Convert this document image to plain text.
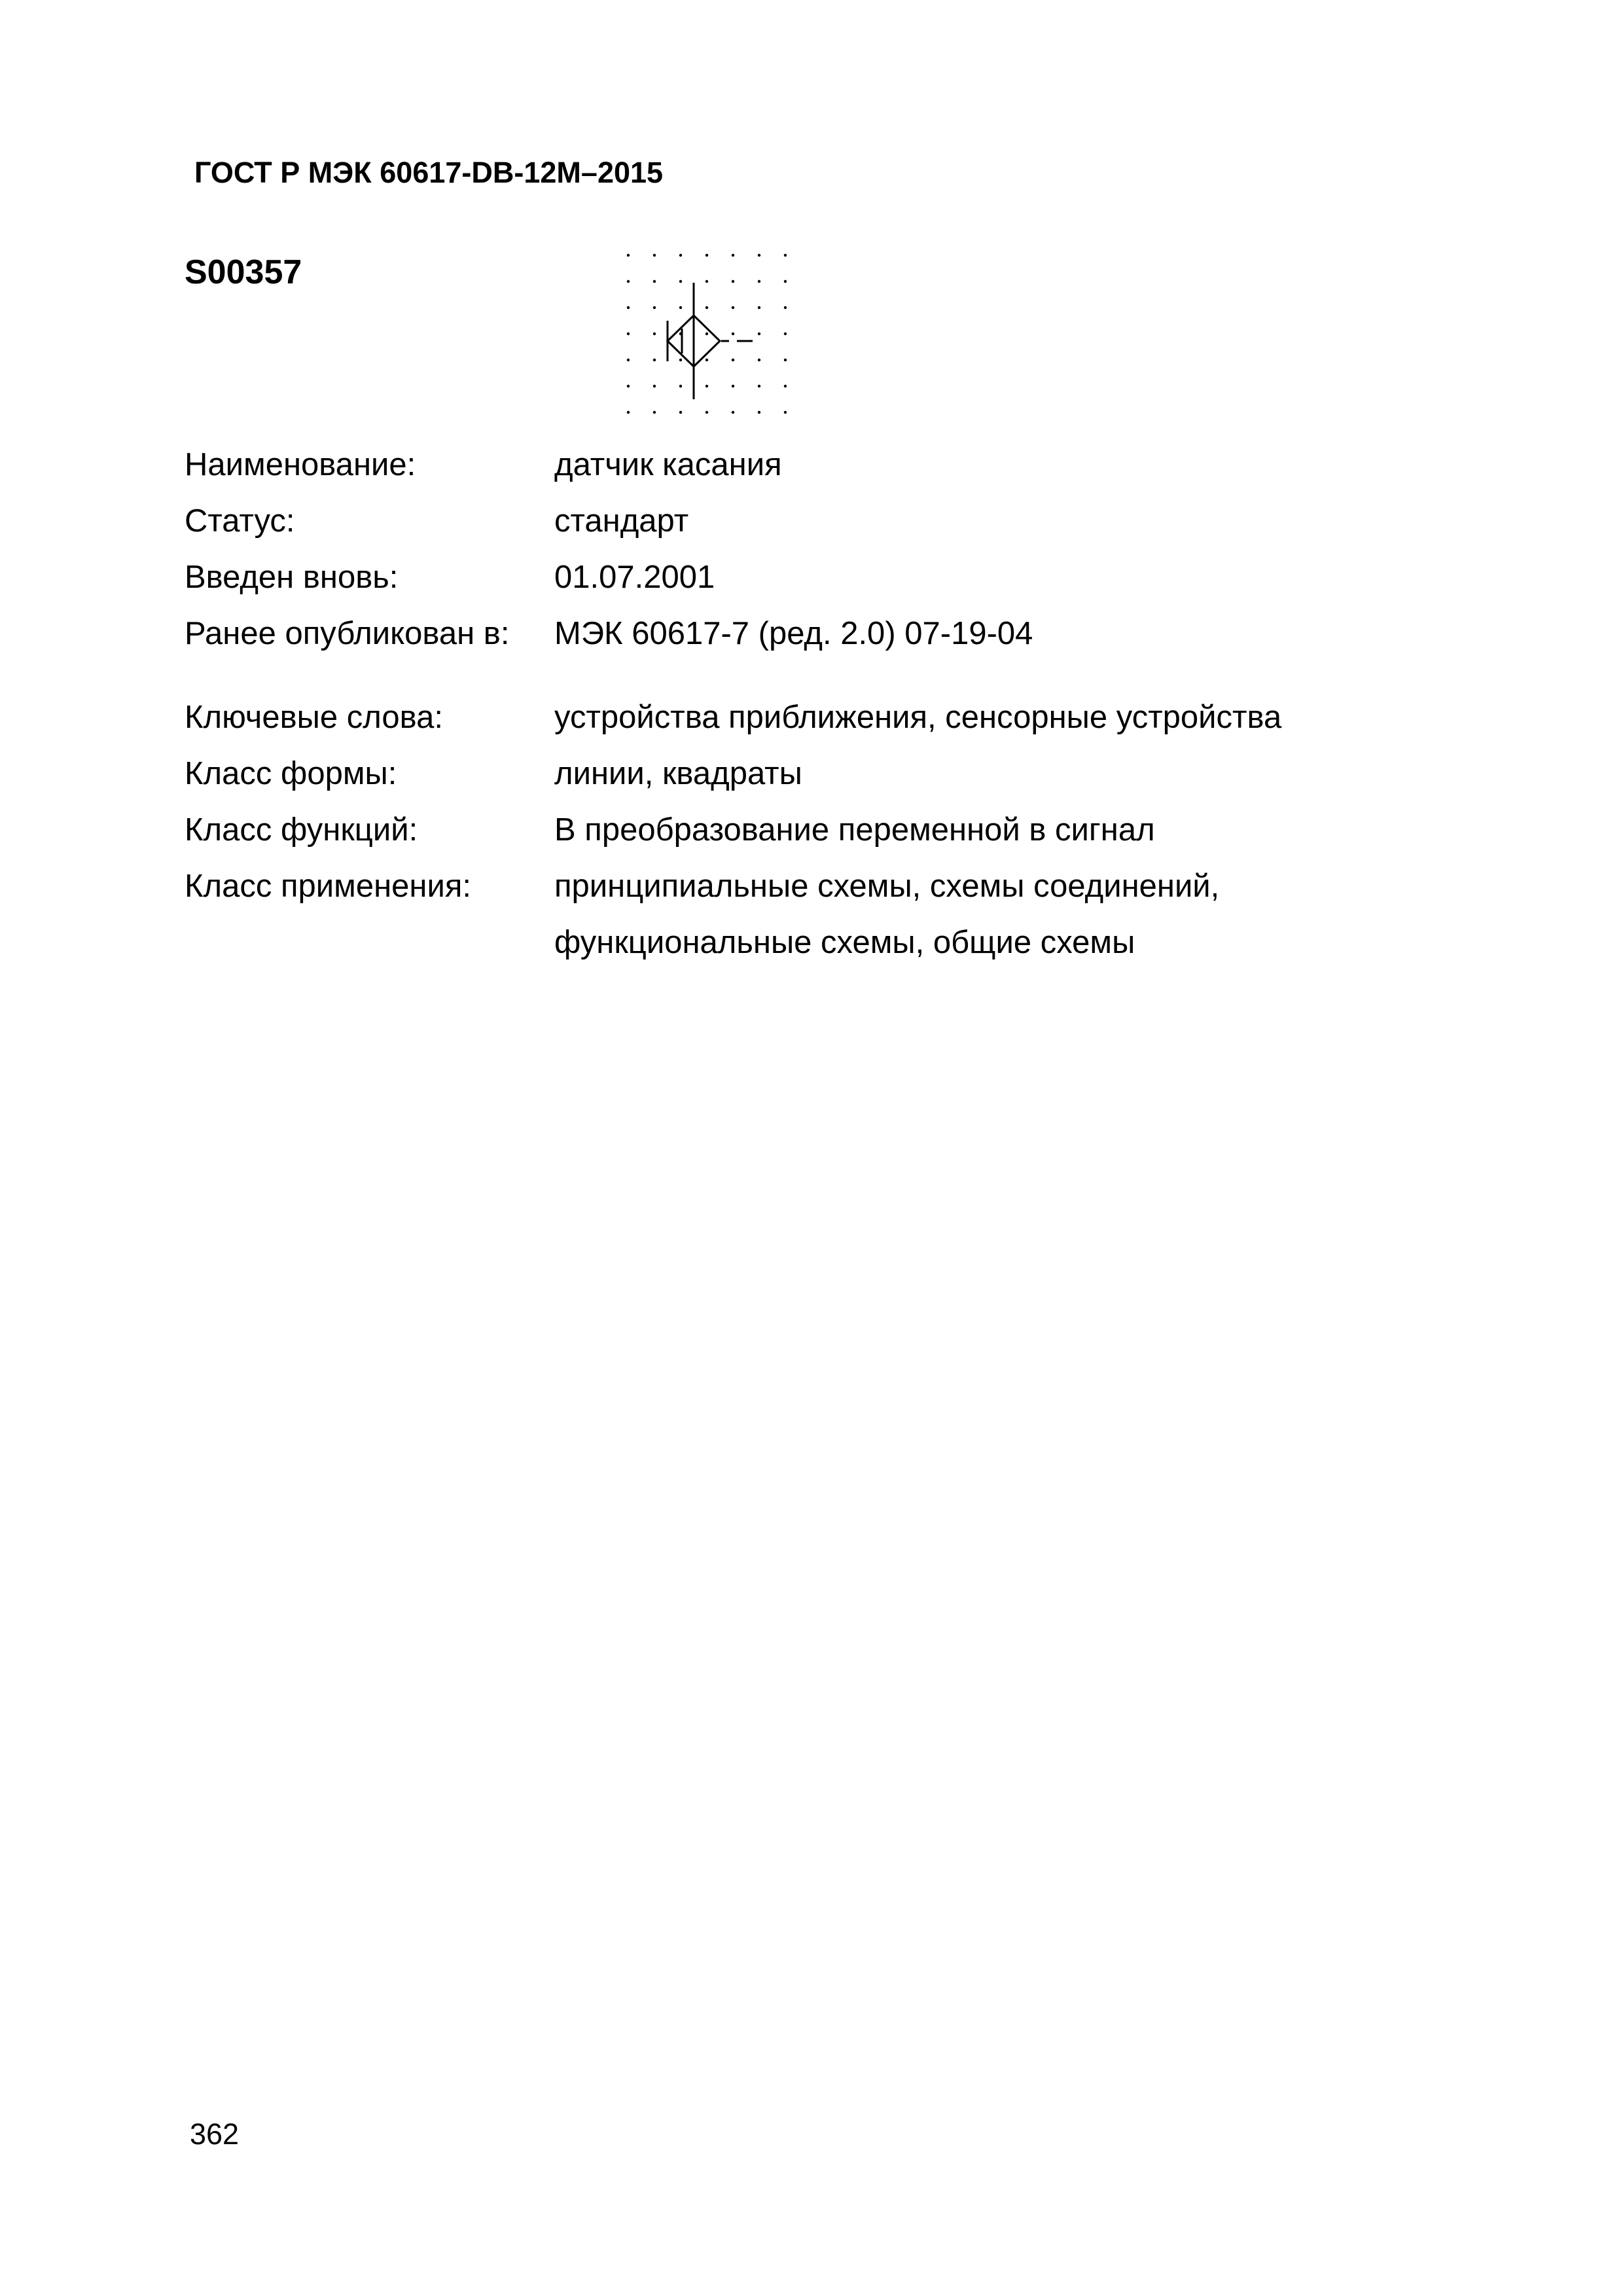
ГОСТ Р МЭК 60617-DB-12M–2015
S00357
Наименование:	датчик касания
Статус:	стандарт
Введен вновь:	01.07.2001
Ранее опубликован в: МЭК 60617-7 (ред. 2.0) 07-19-04
Ключевые слова:	устройства приближения, сенсорные устройства
Класс формы:	линии, квадраты
Класс функций:	В преобразование переменной в сигнал
Класс применения:	принципиальные схемы, схемы соединений,
функциональные схемы, общие схемы
362
